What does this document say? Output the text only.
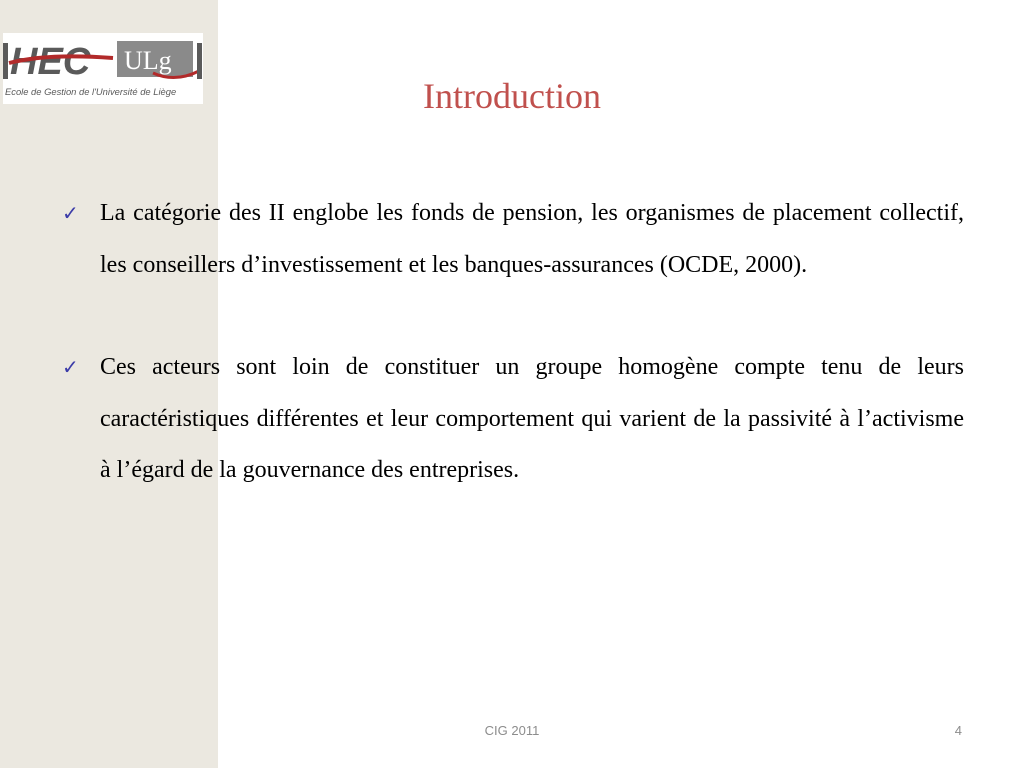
HEC ULg
Ecole de Gestion de l'Université de Liège	Introduction
✓ La catégorie des II englobe les fonds de pension, les organismes de placement collectif, les conseillers d’investissement et les banques-assurances (OCDE, 2000).
✓ Ces acteurs sont loin de constituer un groupe homogène compte tenu de leurs caractéristiques différentes et leur comportement qui varient de la passivité à l’activisme à l’égard de la gouvernance des entreprises.
CIG 2011	4
